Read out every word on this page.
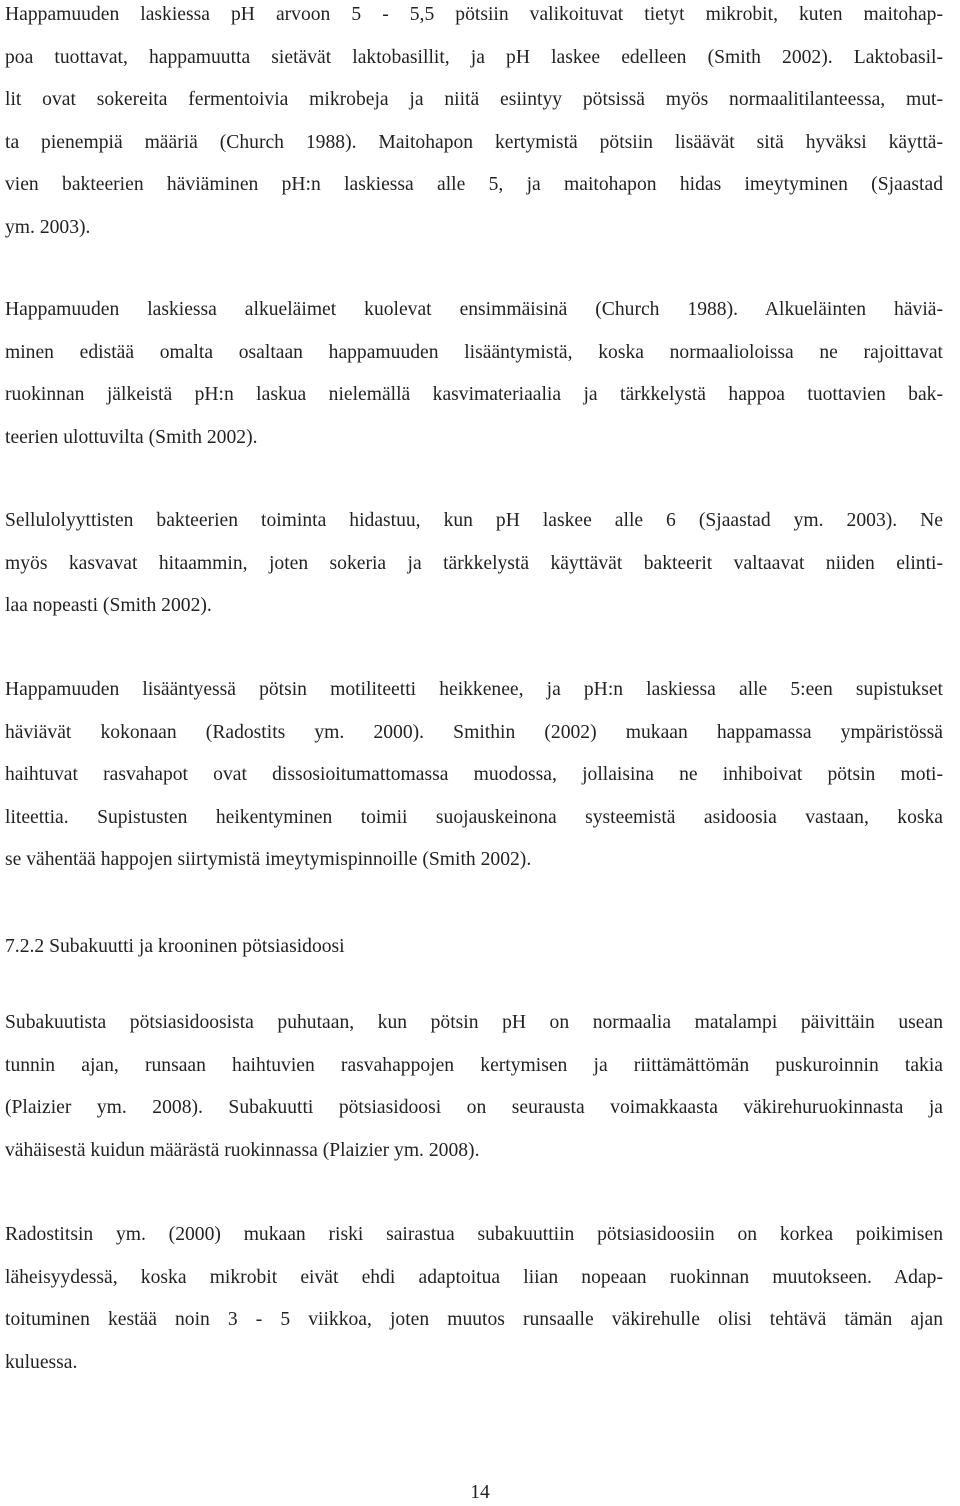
Happamuuden laskiessa pH arvoon 5 - 5,5 pötsiin valikoituvat tietyt mikrobit, kuten maitohap-
poa tuottavat, happamuutta sietävät laktobasillit, ja pH laskee edelleen (Smith 2002). Laktobasil-
lit ovat sokereita fermentoivia mikrobeja ja niitä esiintyy pötsissä myös normaalitilanteessa, mut-
ta pienempiä määriä (Church 1988). Maitohapon kertymistä pötsiin lisäävät sitä hyväksi käyttä-
vien bakteerien häviäminen pH:n laskiessa alle 5, ja maitohapon hidas imeytyminen (Sjaastad
ym. 2003).
Happamuuden laskiessa alkueläimet kuolevat ensimmäisinä (Church 1988). Alkueläinten häviä-
minen edistää omalta osaltaan happamuuden lisääntymistä, koska normaalioloissa ne rajoittavat
ruokinnan jälkeistä pH:n laskua nielemällä kasvimateriaalia ja tärkkelystä happoa tuottavien bak-
teerien ulottuvilta (Smith 2002).
Sellulolyyttisten bakteerien toiminta hidastuu, kun pH laskee alle 6 (Sjaastad ym. 2003). Ne
myös kasvavat hitaammin, joten sokeria ja tärkkelystä käyttävät bakteerit valtaavat niiden elinti-
laa nopeasti (Smith 2002).
Happamuuden lisääntyessä pötsin motiliteetti heikkenee, ja pH:n laskiessa alle 5:een supistukset
häviävät kokonaan (Radostits ym. 2000). Smithin (2002) mukaan happamassa ympäristössä
haihtuvat rasvahapot ovat dissosioitumattomassa muodossa, jollaisina ne inhiboivat pötsin moti-
liteettia. Supistusten heikentyminen toimii suojauskeinona systeemistä asidoosia vastaan, koska
se vähentää happojen siirtymistä imeytymispinnoille (Smith 2002).
7.2.2 Subakuutti ja krooninen pötsiasidoosi
Subakuutista pötsiasidoosista puhutaan, kun pötsin pH on normaalia matalampi päivittäin usean
tunnin ajan, runsaan haihtuvien rasvahappojen kertymisen ja riittämättömän puskuroinnin takia
(Plaizier ym. 2008). Subakuutti pötsiasidoosi on seurausta voimakkaasta väkirehuruokinnasta ja
vähäisestä kuidun määrästä ruokinnassa (Plaizier ym. 2008).
Radostitsin ym. (2000) mukaan riski sairastua subakuuttiin pötsiasidoosiin on korkea poikimisen
läheisyydessä, koska mikrobit eivät ehdi adaptoitua liian nopeaan ruokinnan muutokseen. Adap-
toituminen kestää noin 3 - 5 viikkoa, joten muutos runsaalle väkirehulle olisi tehtävä tämän ajan
kuluessa.
14
